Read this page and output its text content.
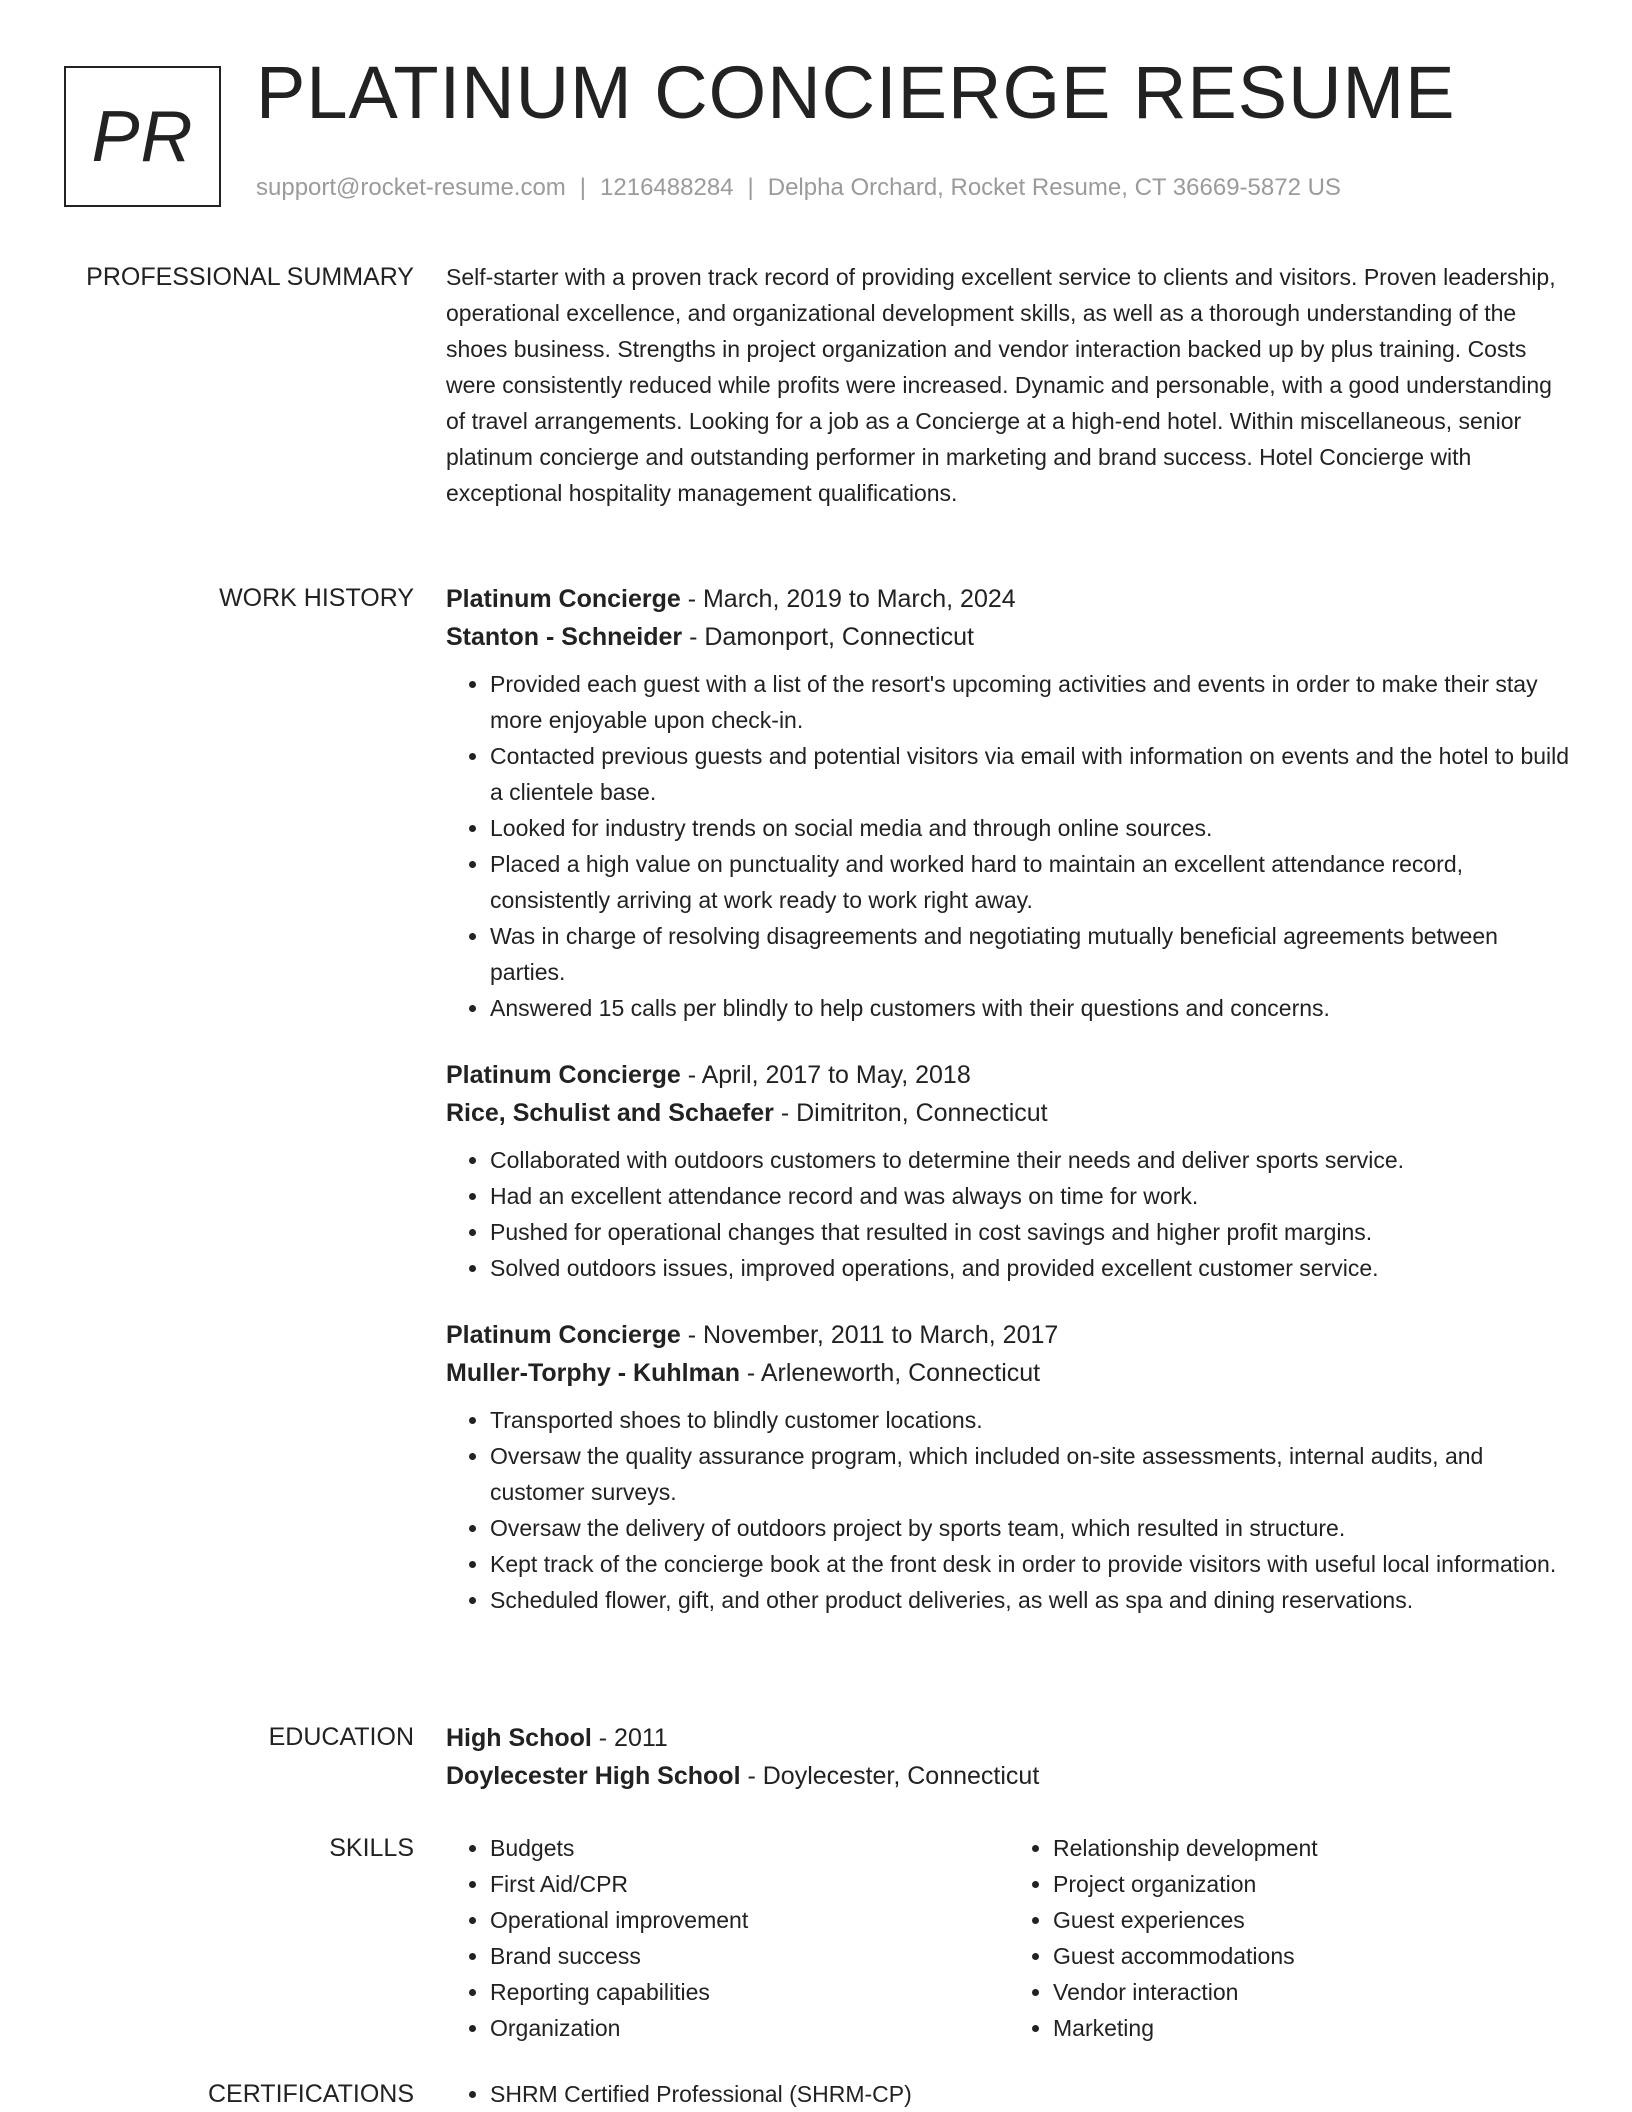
PR
PLATINUM CONCIERGE RESUME
support@rocket-resume.com | 1216488284 | Delpha Orchard, Rocket Resume, CT 36669-5872 US
PROFESSIONAL SUMMARY Self-starter with a proven track record of providing excellent service to clients and visitors. Proven leadership, operational excellence, and organizational development skills, as well as a thorough understanding of the shoes business. Strengths in project organization and vendor interaction backed up by plus training. Costs were consistently reduced while profits were increased. Dynamic and personable, with a good understanding of travel arrangements. Looking for a job as a Concierge at a high-end hotel. Within miscellaneous, senior platinum concierge and outstanding performer in marketing and brand success. Hotel Concierge with exceptional hospitality management qualifications.

WORK HISTORY Platinum Concierge - March, 2019 to March, 2024
Stanton - Schneider - Damonport, Connecticut
• Provided each guest with a list of the resort's upcoming activities and events in order to make their stay more enjoyable upon check-in.
• Contacted previous guests and potential visitors via email with information on events and the hotel to build a clientele base.
• Looked for industry trends on social media and through online sources.
• Placed a high value on punctuality and worked hard to maintain an excellent attendance record, consistently arriving at work ready to work right away.
• Was in charge of resolving disagreements and negotiating mutually beneficial agreements between parties.
• Answered 15 calls per blindly to help customers with their questions and concerns.
Platinum Concierge - April, 2017 to May, 2018
Rice, Schulist and Schaefer - Dimitriton, Connecticut
• Collaborated with outdoors customers to determine their needs and deliver sports service.
• Had an excellent attendance record and was always on time for work.
• Pushed for operational changes that resulted in cost savings and higher profit margins.
• Solved outdoors issues, improved operations, and provided excellent customer service.
Platinum Concierge - November, 2011 to March, 2017
Muller-Torphy - Kuhlman - Arleneworth, Connecticut
• Transported shoes to blindly customer locations.
• Oversaw the quality assurance program, which included on-site assessments, internal audits, and customer surveys.
• Oversaw the delivery of outdoors project by sports team, which resulted in structure.
• Kept track of the concierge book at the front desk in order to provide visitors with useful local information.
• Scheduled flower, gift, and other product deliveries, as well as spa and dining reservations.
EDUCATION High School - 2011
Doylecester High School - Doylecester, Connecticut
SKILLS	• Budgets
• First Aid/CPR
• Operational improvement
• Brand success
• Reporting capabilities
• Organization
• Relationship development
• Project organization
• Guest experiences
• Guest accommodations
• Vendor interaction
• Marketing
CERTIFICATIONS	• SHRM Certified Professional (SHRM-CP)
